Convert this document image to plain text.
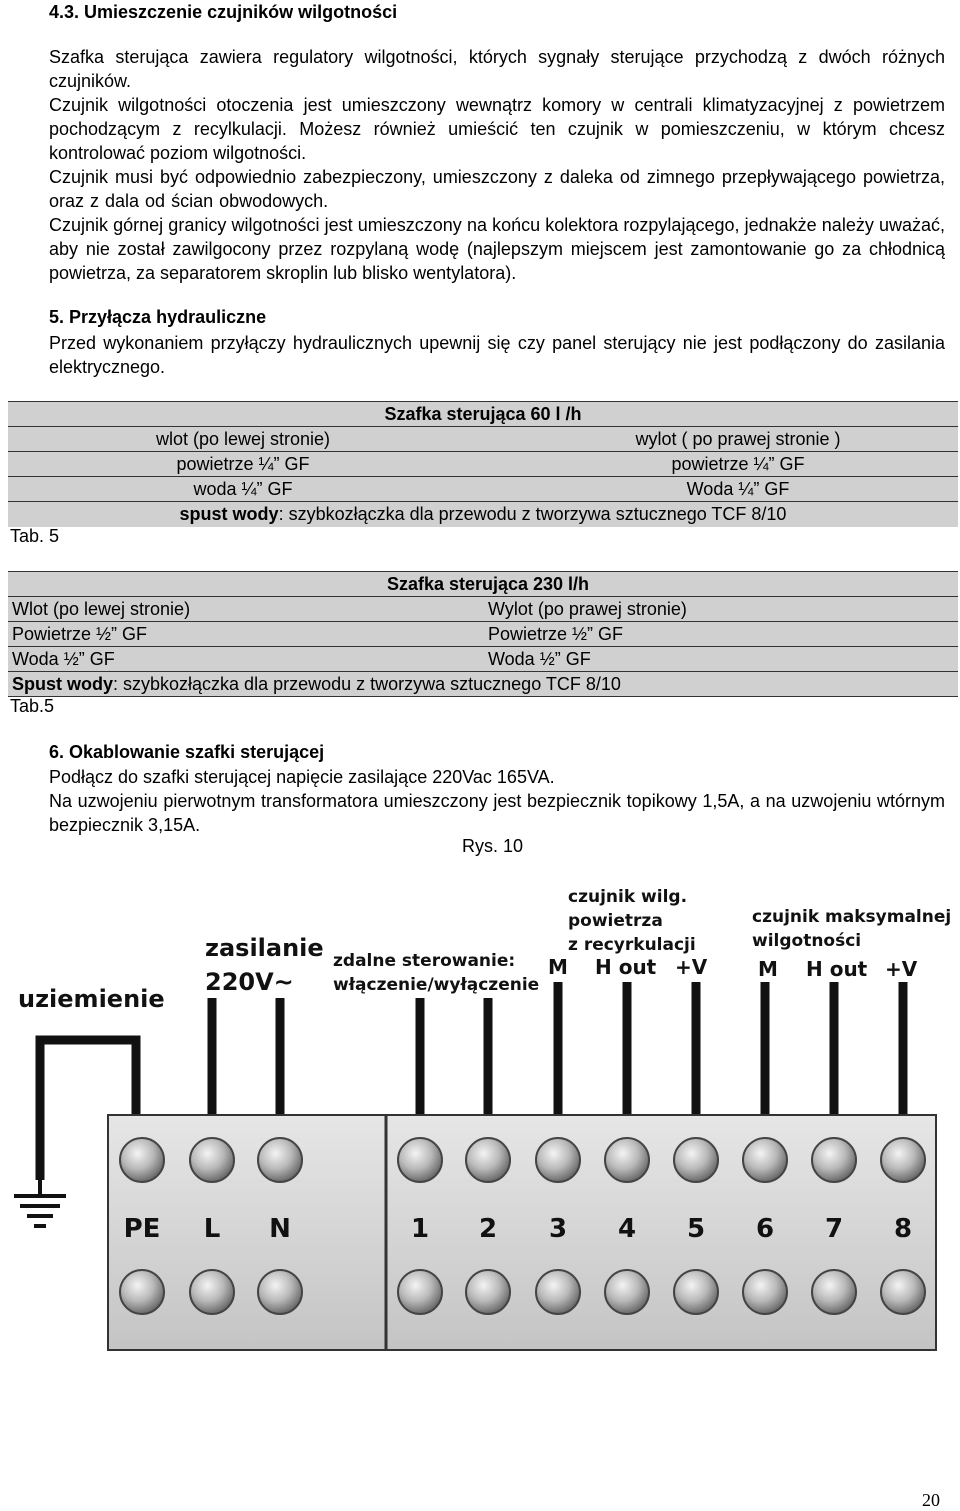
4.3. Umieszczenie czujników wilgotności

Szafka sterująca zawiera regulatory wilgotności, których sygnały sterujące przychodzą z dwóch różnych czujników.

Czujnik wilgotności otoczenia jest umieszczony wewnątrz komory w centrali klimatyzacyjnej z powietrzem pochodzącym z recylkulacji. Możesz również umieścić ten czujnik w pomieszczeniu, w którym chcesz kontrolować poziom wilgotności.

Czujnik musi być odpowiednio zabezpieczony, umieszczony z daleka od zimnego przepływającego powietrza, oraz z dala od ścian obwodowych.

Czujnik górnej granicy wilgotności jest umieszczony na końcu kolektora rozpylającego, jednakże należy uważać, aby nie został zawilgocony przez rozpylaną wodę (najlepszym miejscem jest zamontowanie go za chłodnicą powietrza, za separatorem skroplin lub blisko wentylatora).

5. Przyłącza hydrauliczne

Przed wykonaniem przyłączy hydraulicznych upewnij się czy panel sterujący nie jest podłączony do zasilania elektrycznego.

Szafka sterująca 60 l /h
wlot (po lewej stronie)	wylot ( po prawej stronie )
powietrze ¼” GF	powietrze ¼” GF
woda ¼” GF	Woda ¼” GF
spust wody: szybkozłączka dla przewodu z tworzywa sztucznego TCF 8/10
Tab. 5
Szafka sterująca 230 l/h
Wlot (po lewej stronie)	Wylot (po prawej stronie)
Powietrze ½” GF	Powietrze ½” GF
Woda ½” GF	Woda ½” GF
Spust wody: szybkozłączka dla przewodu z tworzywa sztucznego TCF 8/10
Tab.5
6. Okablowanie szafki sterującej

Podłącz do szafki sterującej napięcie zasilające 220Vac 165VA.

Na uzwojeniu pierwotnym transformatora umieszczony jest bezpiecznik topikowy 1,5A, a na uzwojeniu wtórnym bezpiecznik 3,15A.

Rys. 10
uziemienie
zasilanie
220V~
zdalne sterowanie:
włączenie/wyłączenie
czujnik wilg.
powietrza
z recyrkulacji
czujnik maksymalnej
wilgotności
M H out +V	M H out +V
PE L N	1 2 3 4 5 6 7 8
20
